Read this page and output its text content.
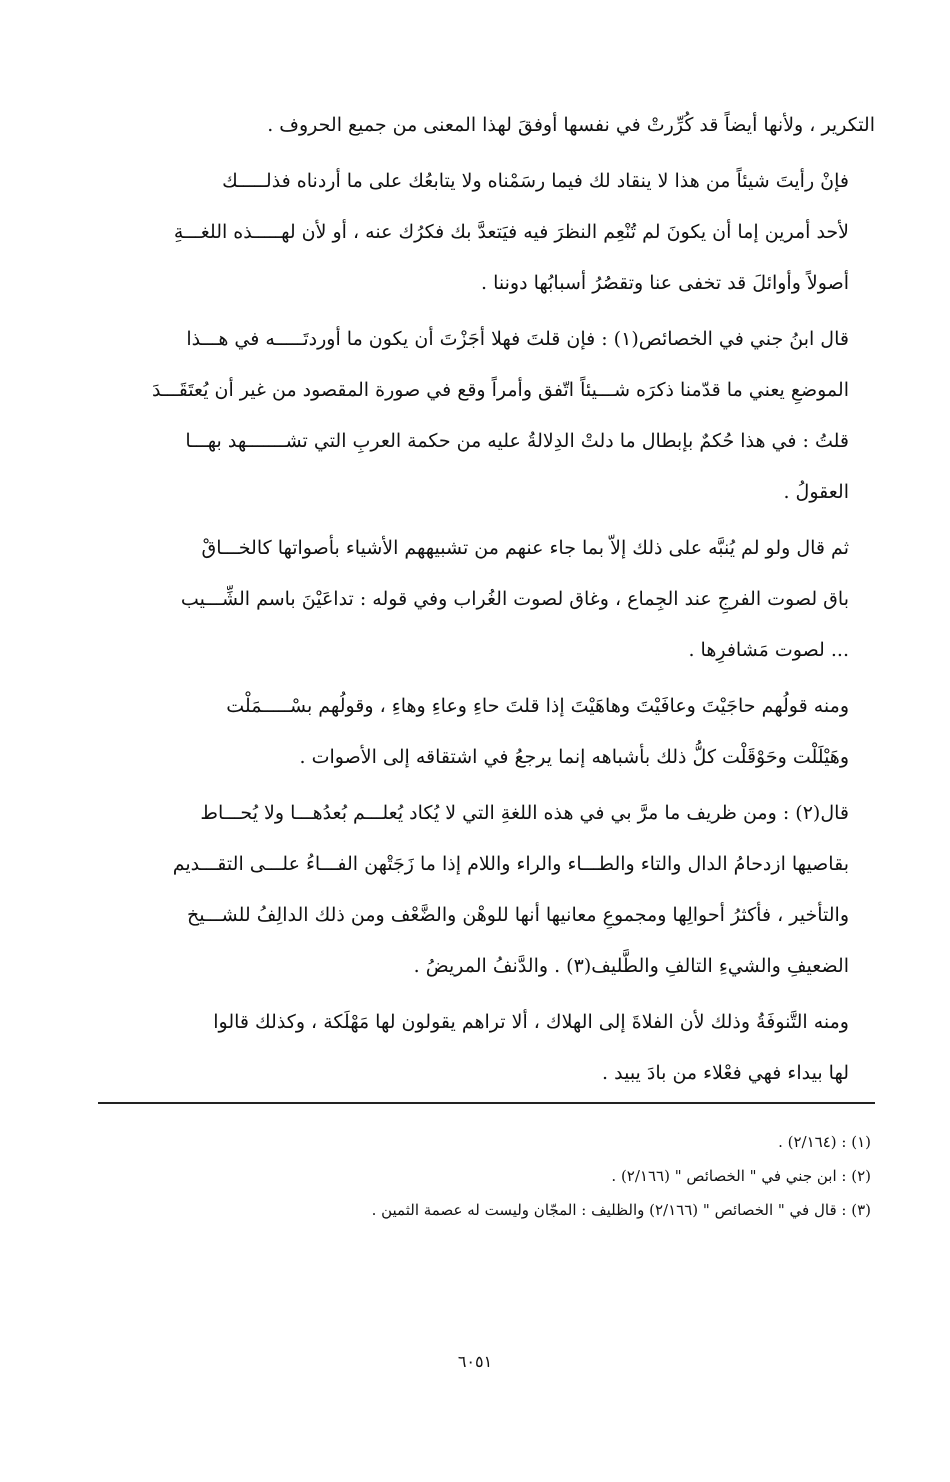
التكرير ، ولأنها أيضاً قد كُرِّرتْ في نفسها أوفقَ لهذا المعنى من جميع الحروف .

فإنْ رأيتَ شيئاً من هذا لا ينقاد لك فيما رسَمْناه ولا يتابعُك على ما أردناه فذلـــــك
لأحد أمرين إما أن يكونَ لم تُنْعِم النظرَ فيه فيَتعدَّ بك فكرُك عنه ، أو لأن لهـــــذه اللغـــةِ
أصولاً وأوائلَ قد تخفى عنا وتقصُرُ أسبابُها دوننا .

قال ابنُ جني في الخصائص(١) : فإن قلتَ فهلا أجَزْتَ أن يكون ما أوردتَـــــه في هـــذا
الموضعِ يعني ما قدّمنا ذكرَه شـــيئاً اتّفق وأمراً وقع في صورة المقصود من غير أن يُعتَقَـــدَ
قلتُ : في هذا حُكمٌ بإبطال ما دلتْ الدِلالةُ عليه من حكمة العربِ التي تشـــــــهد بهـــا
العقولُ .

ثم قال ولو لم يُنبَّه على ذلك إلاّ بما جاء عنهم من تشبيههم الأشياء بأصواتها كالخـــاقْ
باق لصوت الفرجِ عند الجِماع ، وغاق لصوت الغُراب وفي قوله : تداعَيْنَ باسم الشِّـــيب
... لصوت مَشافرِها .

ومنه قولُهم حاجَيْتَ وعافَيْتَ وهاهَيْتَ إذا قلتَ حاءِ وعاءِ وهاءِ ، وقولُهم بسْـــــمَلْت
وهَيْلَلْت وحَوْقَلْت كلُّ ذلك بأشباهه إنما يرجعُ في اشتقاقه إلى الأصوات .

قال(٢) : ومن ظريف ما مرَّ بي في هذه اللغةِ التي لا يُكاد يُعلـــم بُعدُهـــا ولا يُحـــاط
بقاصيها ازدحامُ الدال والتاء والطـــاء والراء واللام إذا ما زَجَتْهن الفـــاءُ علـــى التقـــديم
والتأخير ، فأكثرُ أحوالِها ومجموعِ معانيها أنها للوهْن والضَّعْف ومن ذلك الدالِفُ للشـــيخ
الضعيفِ والشيءِ التالفِ والطَّليف(٣) . والدَّنفُ المريضُ .

ومنه التَّنوفَةُ وذلك لأن الفلاةَ إلى الهلاك ، ألا تراهم يقولون لها مَهْلَكة ، وكذلك قالوا
لها بيداء فهي فعْلاء من بادَ يبيد .

(١) : (٢/١٦٤) .
(٢) : ابن جني في " الخصائص " (٢/١٦٦) .
(٣) : قال في " الخصائص " (٢/١٦٦) والظليف : المجّان وليست له عصمة الثمين .
٦٠٥١
